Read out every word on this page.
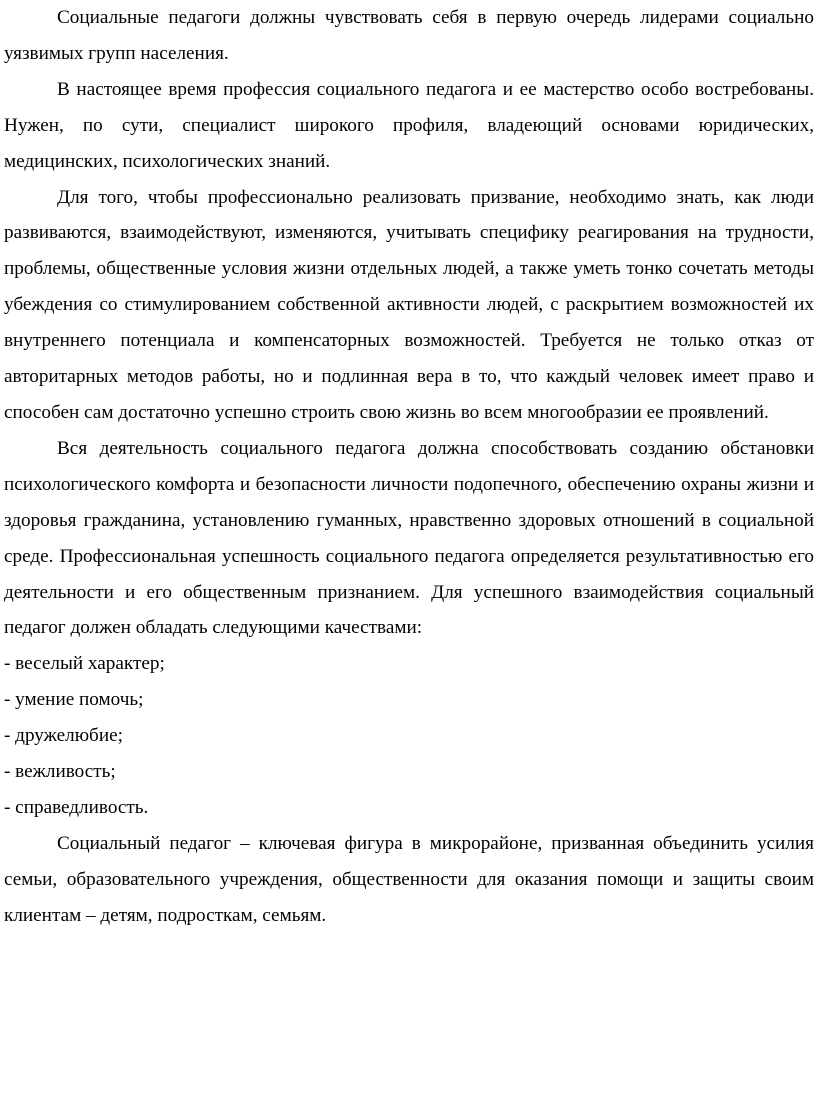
Социальные педагоги должны чувствовать себя в первую очередь лидерами социально уязвимых групп населения.

В настоящее время профессия социального педагога и ее мастерство особо востребованы. Нужен, по сути, специалист широкого профиля, владеющий основами юридических, медицинских, психологических знаний.

Для того, чтобы профессионально реализовать призвание, необходимо знать, как люди развиваются, взаимодействуют, изменяются, учитывать специфику реагирования на трудности, проблемы, общественные условия жизни отдельных людей, а также уметь тонко сочетать методы убеждения со стимулированием собственной активности людей, с раскрытием возможностей их внутреннего потенциала и компенсаторных возможностей. Требуется не только отказ от авторитарных методов работы, но и подлинная вера в то, что каждый человек имеет право и способен сам достаточно успешно строить свою жизнь во всем многообразии ее проявлений.

Вся деятельность социального педагога должна способствовать созданию обстановки психологического комфорта и безопасности личности подопечного, обеспечению охраны жизни и здоровья гражданина, установлению гуманных, нравственно здоровых отношений в социальной среде. Профессиональная успешность социального педагога определяется результативностью его деятельности и его общественным признанием. Для успешного взаимодействия социальный педагог должен обладать следующими качествами:

- веселый характер;
- умение помочь;
- дружелюбие;
- вежливость;
- справедливость.

Социальный педагог – ключевая фигура в микрорайоне, призванная объединить усилия семьи, образовательного учреждения, общественности для оказания помощи и защиты своим клиентам – детям, подросткам, семьям.
